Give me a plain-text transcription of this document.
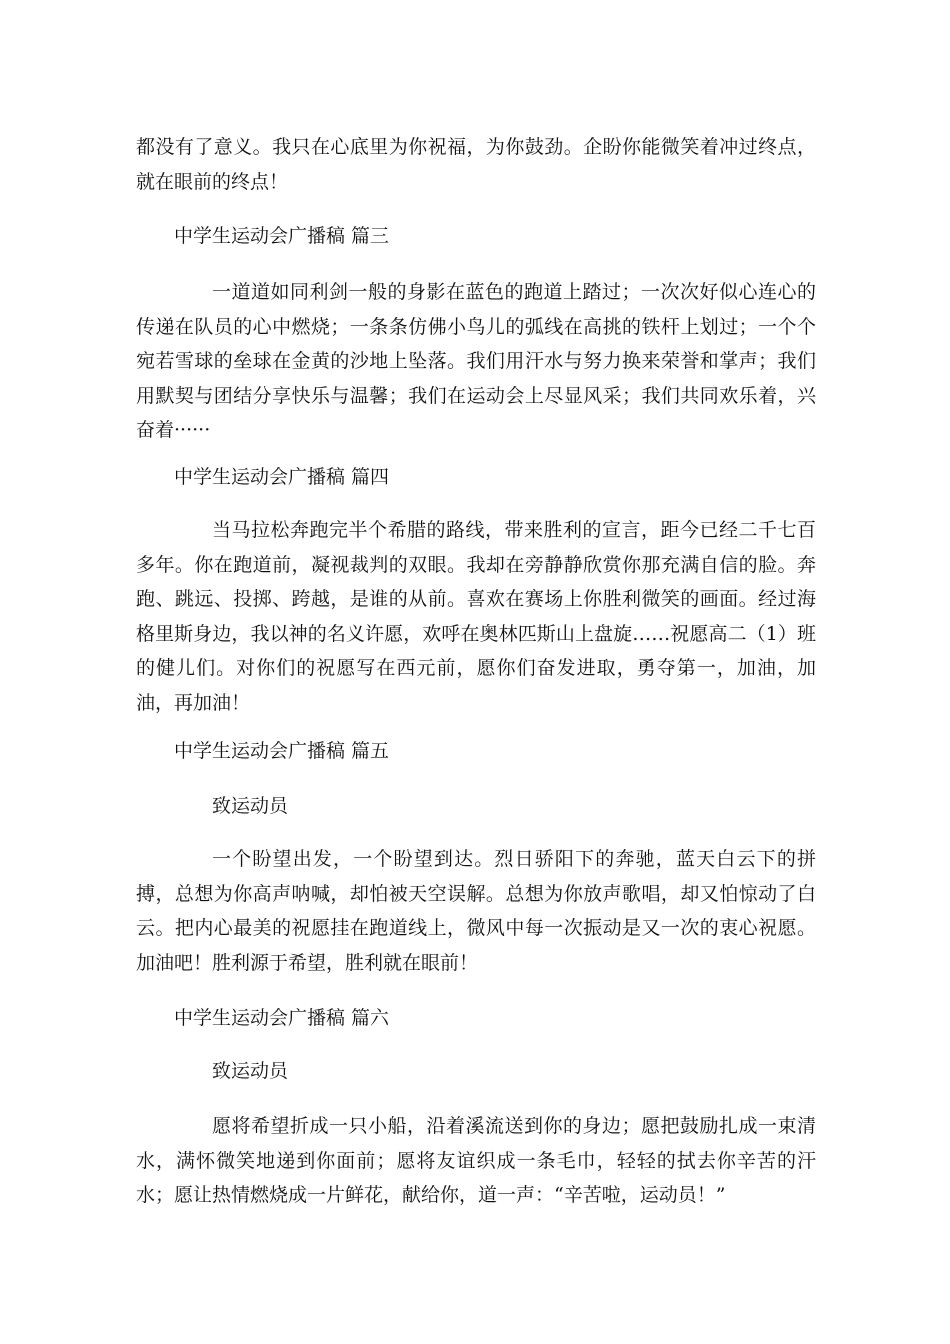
都没有了意义。我只在心底里为你祝福，为你鼓劲。企盼你能微笑着冲过终点，就在眼前的终点！

中学生运动会广播稿 篇三

一道道如同利剑一般的身影在蓝色的跑道上踏过；一次次好似心连心的传递在队员的心中燃烧；一条条仿佛小鸟儿的弧线在高挑的铁杆上划过；一个个宛若雪球的垒球在金黄的沙地上坠落。我们用汗水与努力换来荣誉和掌声；我们用默契与团结分享快乐与温馨；我们在运动会上尽显风采；我们共同欢乐着，兴奋着······

中学生运动会广播稿 篇四

当马拉松奔跑完半个希腊的路线，带来胜利的宣言，距今已经二千七百多年。你在跑道前，凝视裁判的双眼。我却在旁静静欣赏你那充满自信的脸。奔跑、跳远、投掷、跨越，是谁的从前。喜欢在赛场上你胜利微笑的画面。经过海格里斯身边，我以神的名义许愿，欢呼在奥林匹斯山上盘旋……祝愿高二（1）班的健儿们。对你们的祝愿写在西元前，愿你们奋发进取，勇夺第一，加油，加油，再加油！

中学生运动会广播稿 篇五

致运动员

一个盼望出发，一个盼望到达。烈日骄阳下的奔驰，蓝天白云下的拼搏，总想为你高声呐喊，却怕被天空误解。总想为你放声歌唱，却又怕惊动了白云。把内心最美的祝愿挂在跑道线上，微风中每一次振动是又一次的衷心祝愿。加油吧！胜利源于希望，胜利就在眼前！

中学生运动会广播稿 篇六

致运动员

愿将希望折成一只小船，沿着溪流送到你的身边；愿把鼓励扎成一束清水，满怀微笑地递到你面前；愿将友谊织成一条毛巾，轻轻的拭去你辛苦的汗水；愿让热情燃烧成一片鲜花，献给你，道一声：“辛苦啦，运动员！”
